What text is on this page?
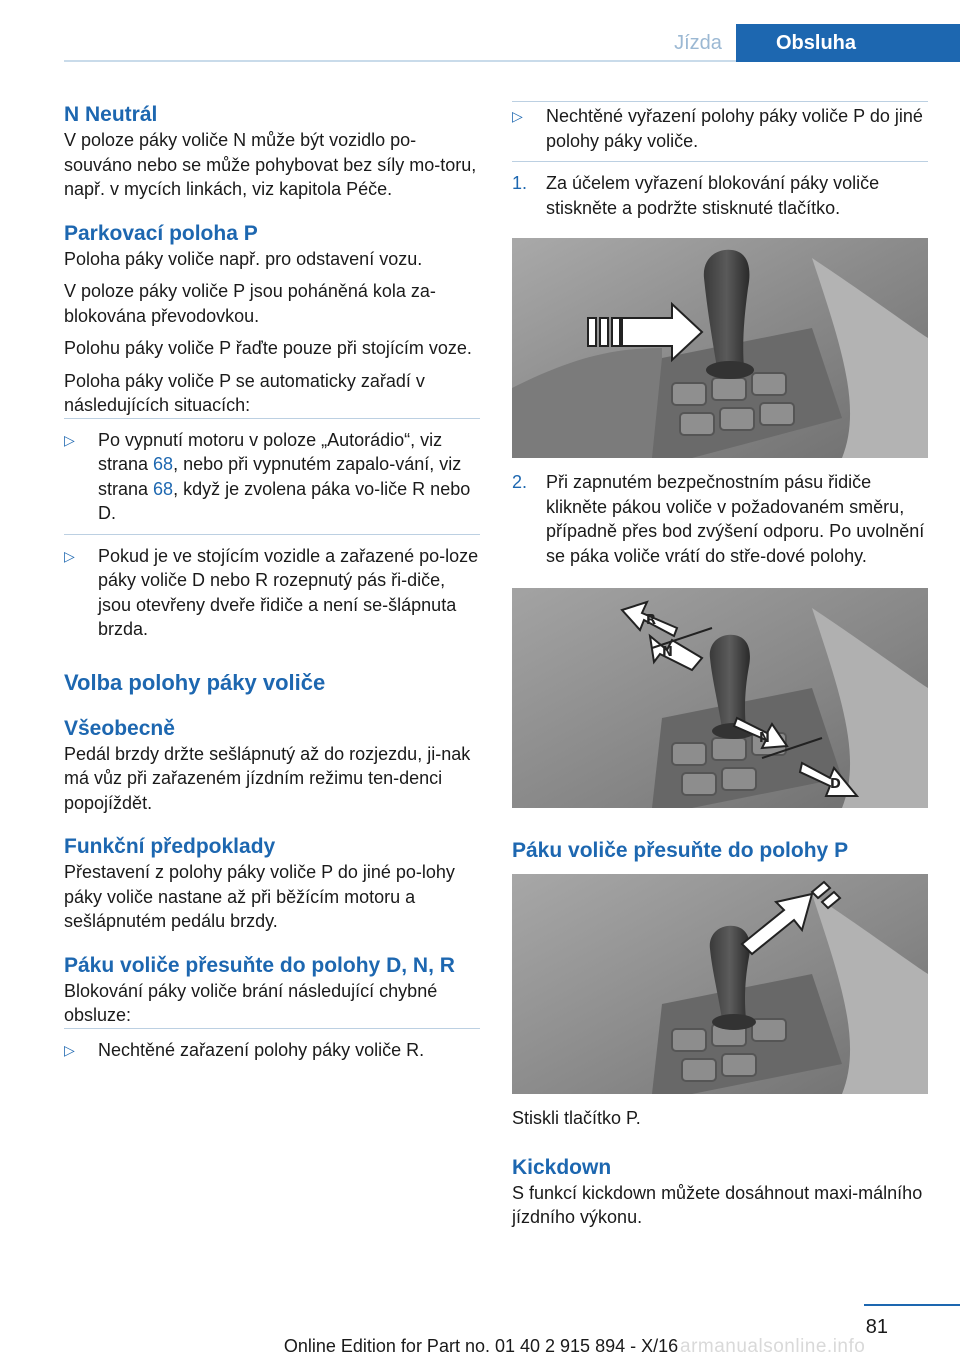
Jízda	Obsluha
N Neutrál

V poloze páky voliče N může být vozidlo po-souváno nebo se může pohybovat bez síly mo-toru, např. v mycích linkách, viz kapitola Péče.

Parkovací poloha P

Poloha páky voliče např. pro odstavení vozu.

V poloze páky voliče P jsou poháněná kola za-blokována převodovkou.

Polohu páky voliče P řaďte pouze při stojícím voze.

Poloha páky voliče P se automaticky zařadí v následujících situacích:

▷	Po vypnutí motoru v poloze „Autorádio“, viz strana 68, nebo při vypnutém zapalo-vání, viz strana 68, když je zvolena páka vo-liče R nebo D.
▷	Pokud je ve stojícím vozidle a zařazené po-loze páky voliče D nebo R rozepnutý pás ři-diče, jsou otevřeny dveře řidiče a není se-šlápnuta brzda.
Volba polohy páky voliče
Všeobecně

Pedál brzdy držte sešlápnutý až do rozjezdu, ji-nak má vůz při zařazeném jízdním režimu ten-denci popojíždět.

Funkční předpoklady

Přestavení z polohy páky voliče P do jiné po-lohy páky voliče nastane až při běžícím motoru a sešlápnutém pedálu brzdy.

Páku voliče přesuňte do polohy D, N, R

Blokování páky voliče brání následující chybné obsluze:

▷	Nechtěné zařazení polohy páky voliče R.
▷	Nechtěné vyřazení polohy páky voliče P do jiné polohy páky voliče.
1.	Za účelem vyřazení blokování páky voliče stiskněte a podržte stisknuté tlačítko.
2.	Při zapnutém bezpečnostním pásu řidiče klikněte pákou voliče v požadovaném směru, případně přes bod zvýšení odporu. Po uvolnění se páka voliče vrátí do stře-dové polohy.
R
N
N
D
Páku voliče přesuňte do polohy P

Stiskli tlačítko P.

Kickdown

S funkcí kickdown můžete dosáhnout maxi-málního jízdního výkonu.

81
armanualsonline.info
Online Edition for Part no. 01 40 2 915 894 - X/16
